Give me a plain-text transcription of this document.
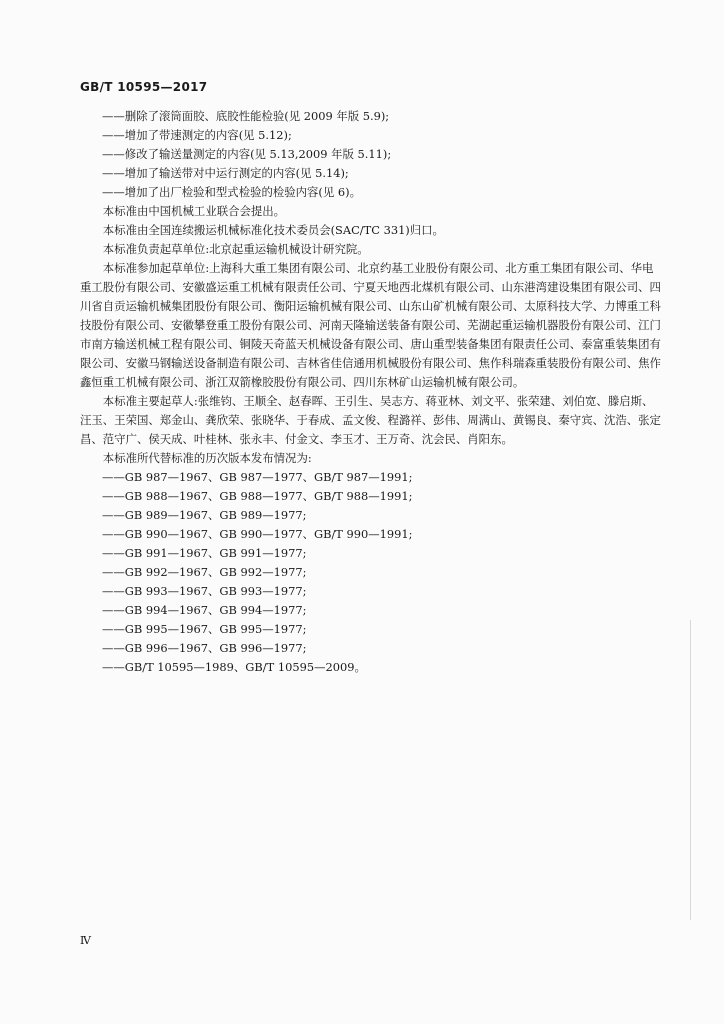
GB/T 10595—2017
——删除了滚筒面胶、底胶性能检验(见 2009 年版 5.9);
——增加了带速测定的内容(见 5.12);
——修改了输送量测定的内容(见 5.13,2009 年版 5.11);
——增加了输送带对中运行测定的内容(见 5.14);
——增加了出厂检验和型式检验的检验内容(见 6)。

本标准由中国机械工业联合会提出。

本标准由全国连续搬运机械标准化技术委员会(SAC/TC 331)归口。

本标准负责起草单位:北京起重运输机械设计研究院。

本标准参加起草单位:上海科大重工集团有限公司、北京约基工业股份有限公司、北方重工集团有限公司、华电重工股份有限公司、安徽盛运重工机械有限责任公司、宁夏天地西北煤机有限公司、山东港湾建设集团有限公司、四川省自贡运输机械集团股份有限公司、衡阳运输机械有限公司、山东山矿机械有限公司、太原科技大学、力博重工科技股份有限公司、安徽攀登重工股份有限公司、河南天隆输送装备有限公司、芜湖起重运输机器股份有限公司、江门市南方输送机械工程有限公司、铜陵天奇蓝天机械设备有限公司、唐山重型装备集团有限责任公司、泰富重装集团有限公司、安徽马钢输送设备制造有限公司、吉林省佳信通用机械股份有限公司、焦作科瑞森重装股份有限公司、焦作鑫恒重工机械有限公司、浙江双箭橡胶股份有限公司、四川东林矿山运输机械有限公司。

本标准主要起草人:张维钧、王顺全、赵春晖、王引生、吴志方、蒋亚林、刘文平、张荣建、刘伯宽、滕启斯、汪玉、王荣国、郑金山、龚欣荣、张晓华、于春成、孟文俊、程潞祥、彭伟、周满山、黄锡良、秦守宾、沈浩、张定昌、范守广、侯天成、叶桂林、张永丰、付金文、李玉才、王万奇、沈会民、肖阳东。

本标准所代替标准的历次版本发布情况为:

——GB 987—1967、GB 987—1977、GB/T 987—1991;
——GB 988—1967、GB 988—1977、GB/T 988—1991;
——GB 989—1967、GB 989—1977;
——GB 990—1967、GB 990—1977、GB/T 990—1991;
——GB 991—1967、GB 991—1977;
——GB 992—1967、GB 992—1977;
——GB 993—1967、GB 993—1977;
——GB 994—1967、GB 994—1977;
——GB 995—1967、GB 995—1977;
——GB 996—1967、GB 996—1977;
——GB/T 10595—1989、GB/T 10595—2009。
Ⅳ
